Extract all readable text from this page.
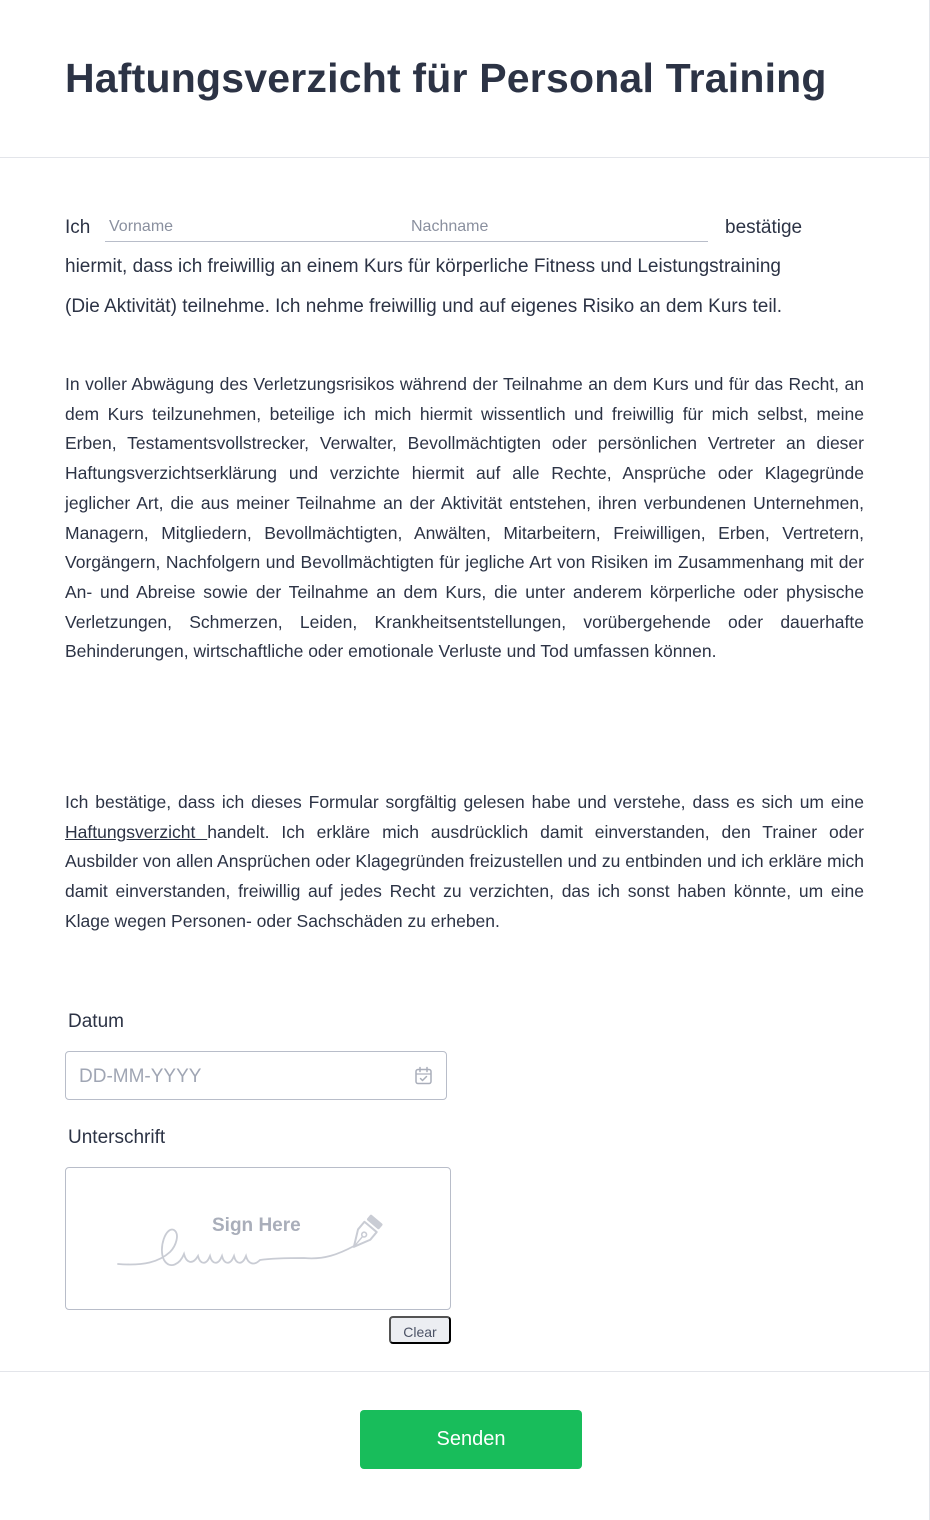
Haftungsverzicht für Personal Training
Ich Vorname	Nachname	bestätige
hiermit, dass ich freiwillig an einem Kurs für körperliche Fitness und Leistungstraining
(Die Aktivität) teilnehme. Ich nehme freiwillig und auf eigenes Risiko an dem Kurs teil.

In voller Abwägung des Verletzungsrisikos während der Teilnahme an dem Kurs und für das Recht, an dem Kurs teilzunehmen, beteilige ich mich hiermit wissentlich und freiwillig für mich selbst, meine Erben, Testamentsvollstrecker, Verwalter, Bevollmächtigten oder persönlichen Vertreter an dieser Haftungsverzichtserklärung und verzichte hiermit auf alle Rechte, Ansprüche oder Klagegründe jeglicher Art, die aus meiner Teilnahme an der Aktivität entstehen, ihren verbundenen Unternehmen, Managern, Mitgliedern, Bevollmächtigten, Anwälten, Mitarbeitern, Freiwilligen, Erben, Vertretern, Vorgängern, Nachfolgern und Bevollmächtigten für jegliche Art von Risiken im Zusammenhang mit der An- und Abreise sowie der Teilnahme an dem Kurs, die unter anderem körperliche oder physische Verletzungen, Schmerzen, Leiden, Krankheitsentstellungen, vorübergehende oder dauerhafte Behinderungen, wirtschaftliche oder emotionale Verluste und Tod umfassen können.

Ich bestätige, dass ich dieses Formular sorgfältig gelesen habe und verstehe, dass es sich um eine Haftungsverzicht handelt. Ich erkläre mich ausdrücklich damit einverstanden, den Trainer oder Ausbilder von allen Ansprüchen oder Klagegründen freizustellen und zu entbinden und ich erkläre mich damit einverstanden, freiwillig auf jedes Recht zu verzichten, das ich sonst haben könnte, um eine Klage wegen Personen- oder Sachschäden zu erheben.

Datum
DD-MM-YYYY
Unterschrift
Sign Here
Clear
Senden
